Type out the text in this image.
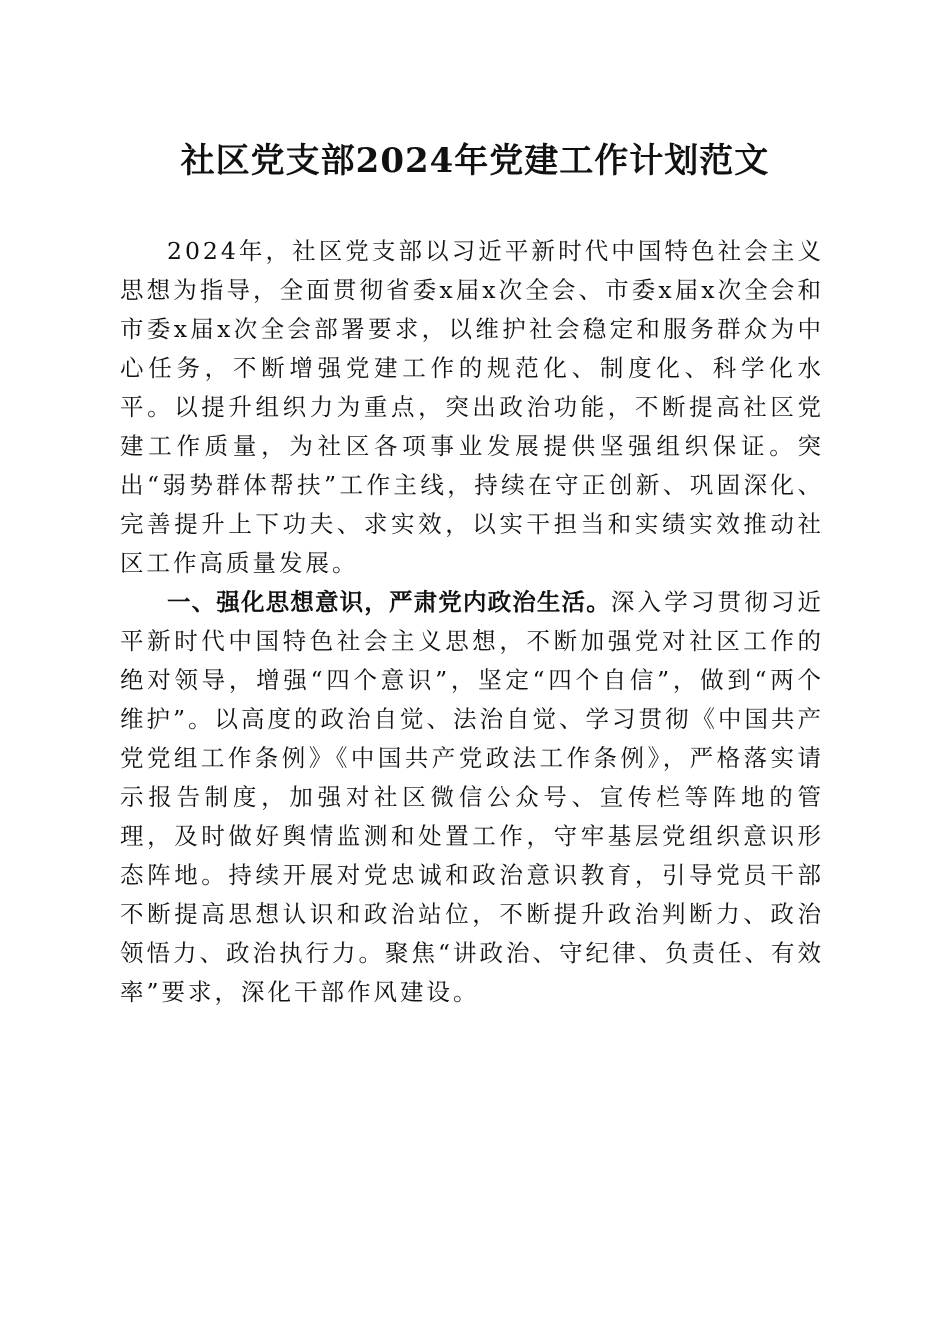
社区党支部2024年党建工作计划范文

2024年，社区党支部以习近平新时代中国特色社会主义思想为指导，全面贯彻省委x届x次全会、市委x届x次全会和市委x届x次全会部署要求，以维护社会稳定和服务群众为中心任务，不断增强党建工作的规范化、制度化、科学化水平。以提升组织力为重点，突出政治功能，不断提高社区党建工作质量，为社区各项事业发展提供坚强组织保证。突出“弱势群体帮扶”工作主线，持续在守正创新、巩固深化、完善提升上下功夫、求实效，以实干担当和实绩实效推动社区工作高质量发展。

一、强化思想意识，严肃党内政治生活。深入学习贯彻习近平新时代中国特色社会主义思想，不断加强党对社区工作的绝对领导，增强“四个意识”，坚定“四个自信”，做到“两个维护”。以高度的政治自觉、法治自觉、学习贯彻《中国共产党党组工作条例》《中国共产党政法工作条例》，严格落实请示报告制度，加强对社区微信公众号、宣传栏等阵地的管理，及时做好舆情监测和处置工作，守牢基层党组织意识形态阵地。持续开展对党忠诚和政治意识教育，引导党员干部不断提高思想认识和政治站位，不断提升政治判断力、政治领悟力、政治执行力。聚焦“讲政治、守纪律、负责任、有效率”要求，深化干部作风建设。
